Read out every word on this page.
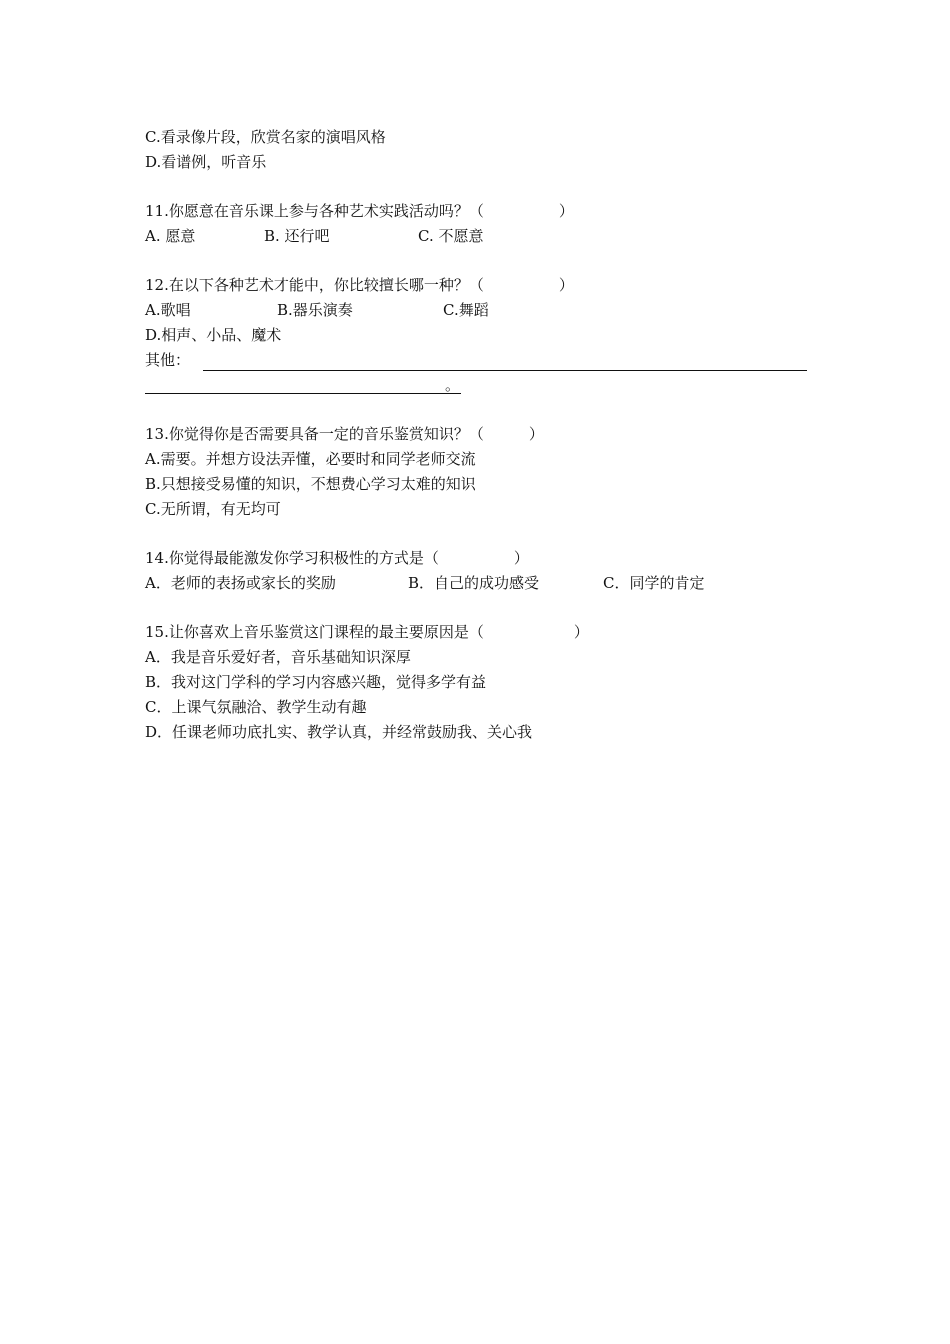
C.看录像片段，欣赏名家的演唱风格
D.看谱例，听音乐
11.你愿意在音乐课上参与各种艺术实践活动吗？（　　　　　）
A. 愿意	B. 还行吧	C. 不愿意
12.在以下各种艺术才能中，你比较擅长哪一种？（　　　　　）
A.歌唱	B.器乐演奏	C.舞蹈
D.相声、小品、魔术
其他：
。
13.你觉得你是否需要具备一定的音乐鉴赏知识？（　　　）
A.需要。并想方设法弄懂，必要时和同学老师交流
B.只想接受易懂的知识，不想费心学习太难的知识
C.无所谓，有无均可
14.你觉得最能激发你学习积极性的方式是（　　　　　）
A．老师的表扬或家长的奖励	B．自己的成功感受	C．同学的肯定
15.让你喜欢上音乐鉴赏这门课程的最主要原因是（　　　　　　）
A．我是音乐爱好者，音乐基础知识深厚
B．我对这门学科的学习内容感兴趣，觉得多学有益
C．上课气氛融洽、教学生动有趣
D．任课老师功底扎实、教学认真，并经常鼓励我、关心我
